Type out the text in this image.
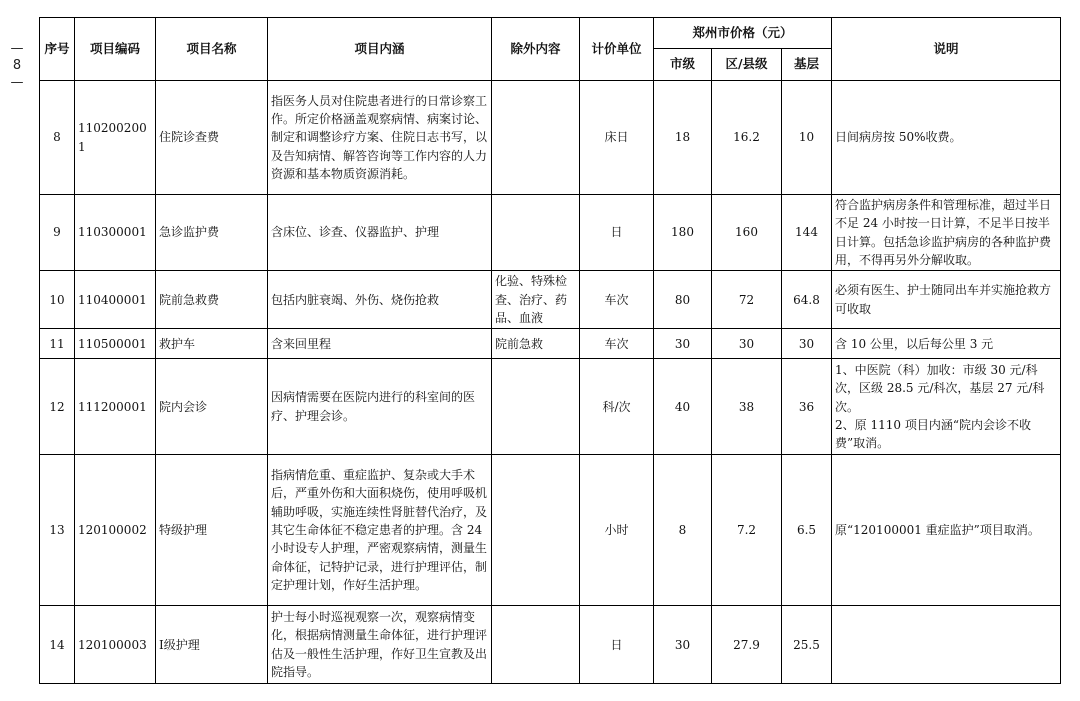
—
8
—
序号	项目编码	项目名称	项目内涵	除外内容	计价单位	郑州市价格（元）			说明
						市级	区/县级	基层	
8	1102002001	住院诊查费	指医务人员对住院患者进行的日常诊察工作。所定价格涵盖观察病情、病案讨论、制定和调整诊疗方案、住院日志书写，以及告知病情、解答咨询等工作内容的人力资源和基本物质资源消耗。		床日	18	16.2	10	日间病房按 50%收费。
9	110300001	急诊监护费	含床位、诊查、仪器监护、护理		日	180	160	144	符合监护病房条件和管理标准，超过半日不足 24 小时按一日计算，不足半日按半日计算。包括急诊监护病房的各种监护费用，不得再另外分解收取。
10	110400001	院前急救费	包括内脏衰竭、外伤、烧伤抢救	化验、特殊检查、治疗、药品、血液	车次	80	72	64.8	必须有医生、护士随同出车并实施抢救方可收取
11	110500001	救护车	含来回里程	院前急救	车次	30	30	30	含 10 公里，以后每公里 3 元
12	111200001	院内会诊	因病情需要在医院内进行的科室间的医疗、护理会诊。		科/次	40	38	36	1、中医院（科）加收：市级 30 元/科次，区级 28.5 元/科次，基层 27 元/科次。
2、原 1110 项目内涵“院内会诊不收费”取消。
13	120100002	特级护理	指病情危重、重症监护、复杂或大手术后，严重外伤和大面积烧伤，使用呼吸机辅助呼吸，实施连续性肾脏替代治疗，及其它生命体征不稳定患者的护理。含 24 小时设专人护理，严密观察病情，测量生命体征，记特护记录，进行护理评估，制定护理计划，作好生活护理。		小时	8	7.2	6.5	原“120100001 重症监护”项目取消。
14	120100003	Ⅰ级护理	护士每小时巡视观察一次，观察病情变化，根据病情测量生命体征，进行护理评估及一般性生活护理，作好卫生宣教及出院指导。		日	30	27.9	25.5	
